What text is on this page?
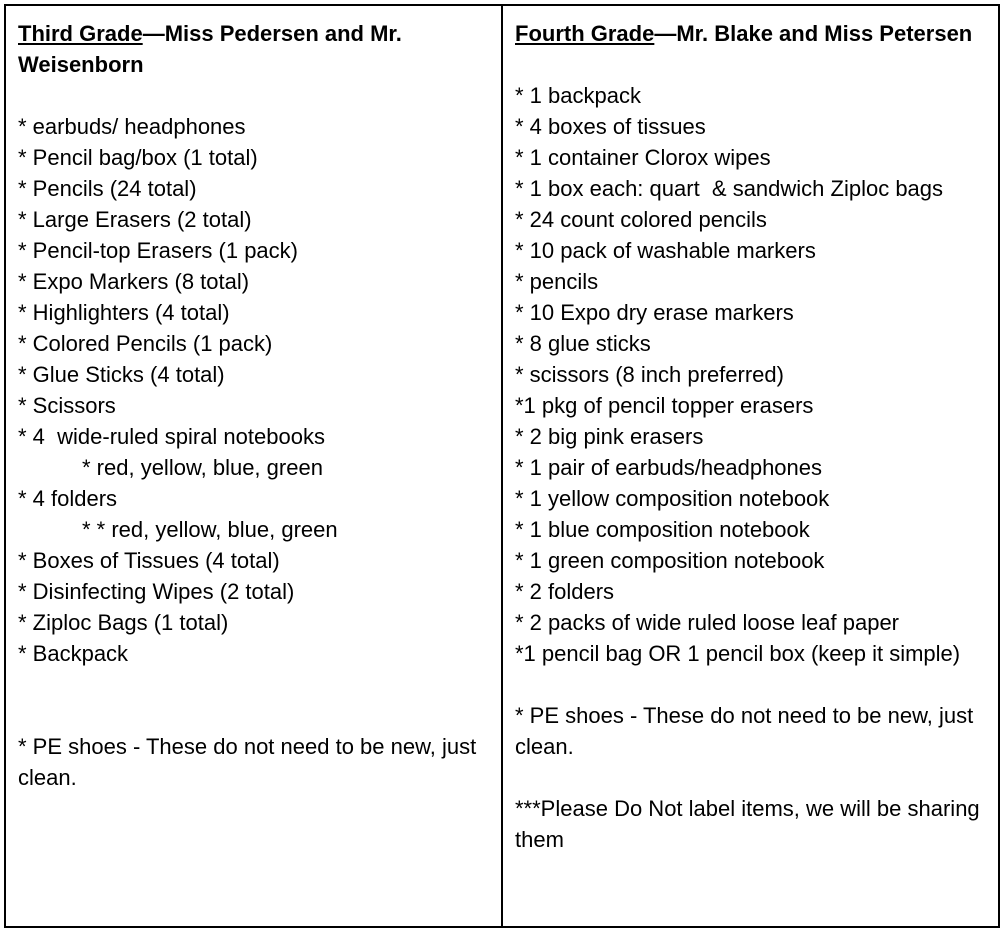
Third Grade—Miss Pedersen and Mr. Weisenborn

* earbuds/ headphones

* Pencil bag/box (1 total)

* Pencils (24 total)

* Large Erasers (2 total)

* Pencil-top Erasers (1 pack)

* Expo Markers (8 total)

* Highlighters (4 total)

* Colored Pencils (1 pack)

* Glue Sticks (4 total)

* Scissors

* 4  wide-ruled spiral notebooks

* red, yellow, blue, green

* 4 folders

* * red, yellow, blue, green

* Boxes of Tissues (4 total)

* Disinfecting Wipes (2 total)

* Ziploc Bags (1 total)

* Backpack

* PE shoes - These do not need to be new, just clean.

Fourth Grade—Mr. Blake and Miss Petersen

* 1 backpack

* 4 boxes of tissues

* 1 container Clorox wipes

* 1 box each: quart  & sandwich Ziploc bags

* 24 count colored pencils

* 10 pack of washable markers

* pencils

* 10 Expo dry erase markers

* 8 glue sticks

* scissors (8 inch preferred)

*1 pkg of pencil topper erasers

* 2 big pink erasers

* 1 pair of earbuds/headphones

* 1 yellow composition notebook

* 1 blue composition notebook

* 1 green composition notebook

* 2 folders

* 2 packs of wide ruled loose leaf paper

*1 pencil bag OR 1 pencil box (keep it simple)

* PE shoes - These do not need to be new, just clean.

***Please Do Not label items, we will be sharing them
